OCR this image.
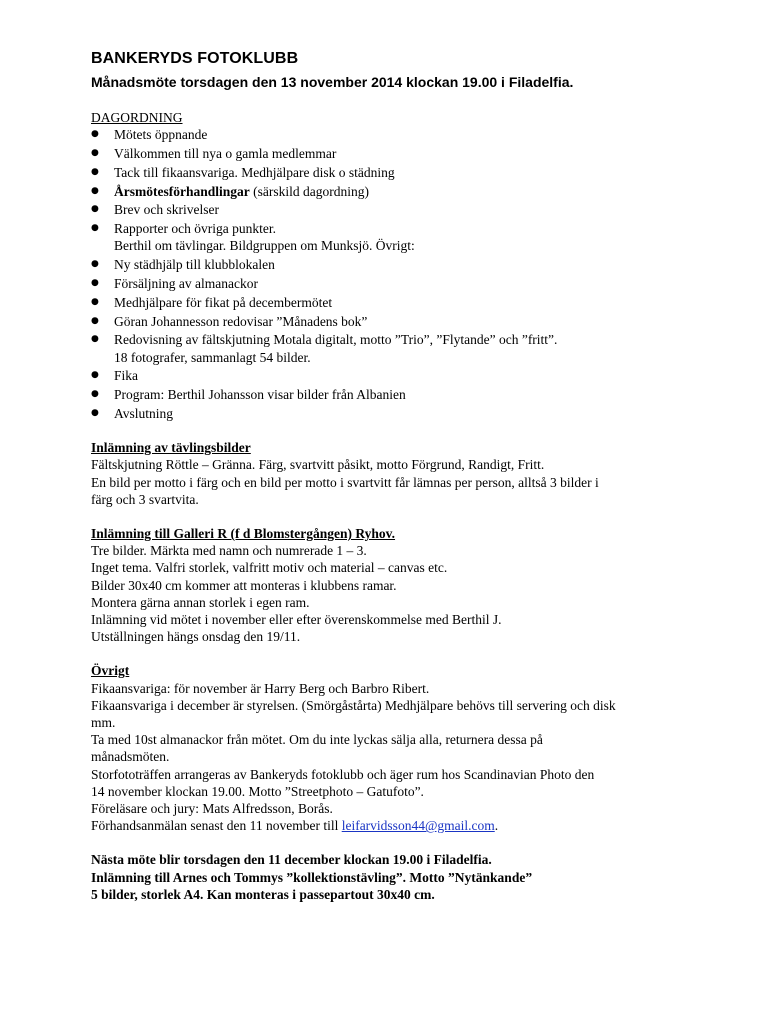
BANKERYDS FOTOKLUBB
Månadsmöte torsdagen den 13 november 2014 klockan 19.00 i Filadelfia.
DAGORDNING
●	Mötets öppnande
●	Välkommen till nya o gamla medlemmar
●	Tack till fikaansvariga. Medhjälpare disk o städning
●	Årsmötesförhandlingar (särskild dagordning)
●	Brev och skrivelser
●	Rapporter och övriga punkter.
Berthil om tävlingar. Bildgruppen om Munksjö. Övrigt:
●	Ny städhjälp till klubblokalen
●	Försäljning av almanackor
●	Medhjälpare för fikat på decembermötet
●	Göran Johannesson redovisar ”Månadens bok”
●	Redovisning av fältskjutning Motala digitalt, motto ”Trio”, ”Flytande” och ”fritt”.
18 fotografer, sammanlagt 54 bilder.
●	Fika
●	Program: Berthil Johansson visar bilder från Albanien
●	Avslutning
Inlämning av tävlingsbilder
Fältskjutning Röttle – Gränna. Färg, svartvitt påsikt, motto Förgrund, Randigt, Fritt.
En bild per motto i färg och en bild per motto i svartvitt får lämnas per person, alltså 3 bilder i
färg och 3 svartvita.
Inlämning till Galleri R (f d Blomstergången) Ryhov.
Tre bilder. Märkta med namn och numrerade 1 – 3.
Inget tema. Valfri storlek, valfritt motiv och material – canvas etc.
Bilder 30x40 cm kommer att monteras i klubbens ramar.
Montera gärna annan storlek i egen ram.
Inlämning vid mötet i november eller efter överenskommelse med Berthil J.
Utställningen hängs onsdag den 19/11.
Övrigt
Fikaansvariga: för november är Harry Berg och Barbro Ribert.
Fikaansvariga i december är styrelsen. (Smörgåstårta) Medhjälpare behövs till servering och disk
mm.
Ta med 10st almanackor från mötet. Om du inte lyckas sälja alla, returnera dessa på
månadsmöten.
Storfototräffen arrangeras av Bankeryds fotoklubb och äger rum hos Scandinavian Photo den
14 november klockan 19.00. Motto ”Streetphoto – Gatufoto”.
Föreläsare och jury: Mats Alfredsson, Borås.
Förhandsanmälan senast den 11 november till leifarvidsson44@gmail.com.
Nästa möte blir torsdagen den 11 december klockan 19.00 i Filadelfia.
Inlämning till Arnes och Tommys ”kollektionstävling”. Motto ”Nytänkande”
5 bilder, storlek A4. Kan monteras i passepartout 30x40 cm.
